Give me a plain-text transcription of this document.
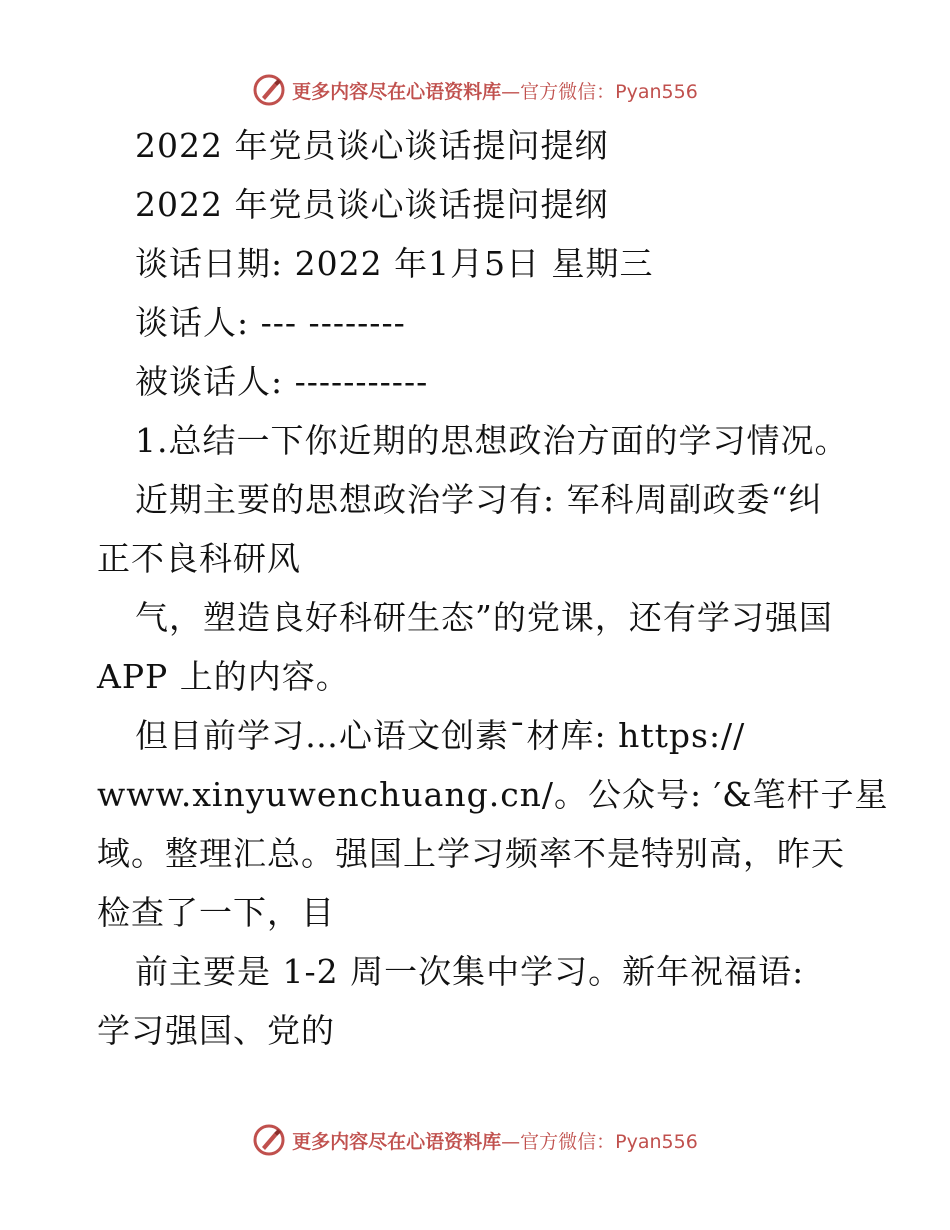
更多内容尽在心语资料库—官方微信：Pyan556
2022 年党员谈心谈话提问提纲
2022 年党员谈心谈话提问提纲
谈话日期: 2022 年1月5日 星期三
谈话人: --- --------
被谈话人: -----------
1.总结一下你近期的思想政治方面的学习情况。
近期主要的思想政治学习有: 军科周副政委“纠
正不良科研风
气，塑造良好科研生态”的党课，还有学习强国
APP 上的内容。
但目前学习…心语文创素¯材库: https://
www.xinyuwenchuang.cn/。公众号: ′&笔杆子星
域。整理汇总。强国上学习频率不是特别高，昨天
检查了一下，目
前主要是 1-2 周一次集中学习。新年祝福语:
学习强国、党的
更多内容尽在心语资料库—官方微信：Pyan556
